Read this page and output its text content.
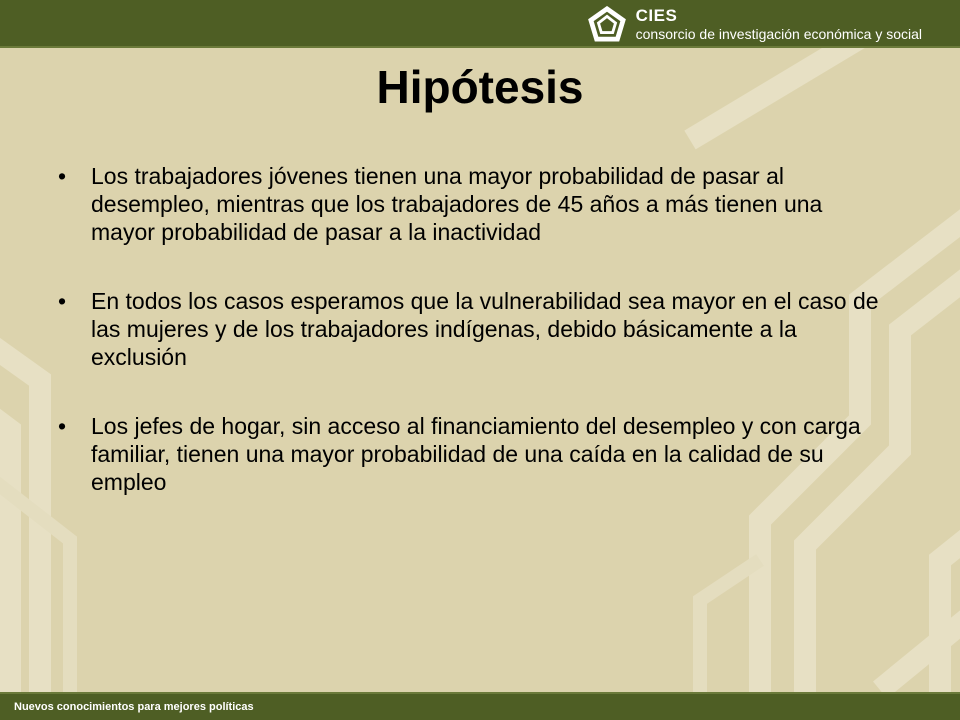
CIES
consorcio de investigación económica y social
Hipótesis
• Los trabajadores jóvenes tienen una mayor probabilidad de pasar al desempleo, mientras que los trabajadores de 45 años a más tienen una mayor probabilidad de pasar a la inactividad
• En todos los casos esperamos que la vulnerabilidad sea mayor en el caso de las mujeres y de los trabajadores indígenas, debido básicamente a la exclusión
• Los jefes de hogar, sin acceso al financiamiento del desempleo y con carga familiar, tienen una mayor probabilidad de una caída en la calidad de su empleo
Nuevos conocimientos para mejores políticas
